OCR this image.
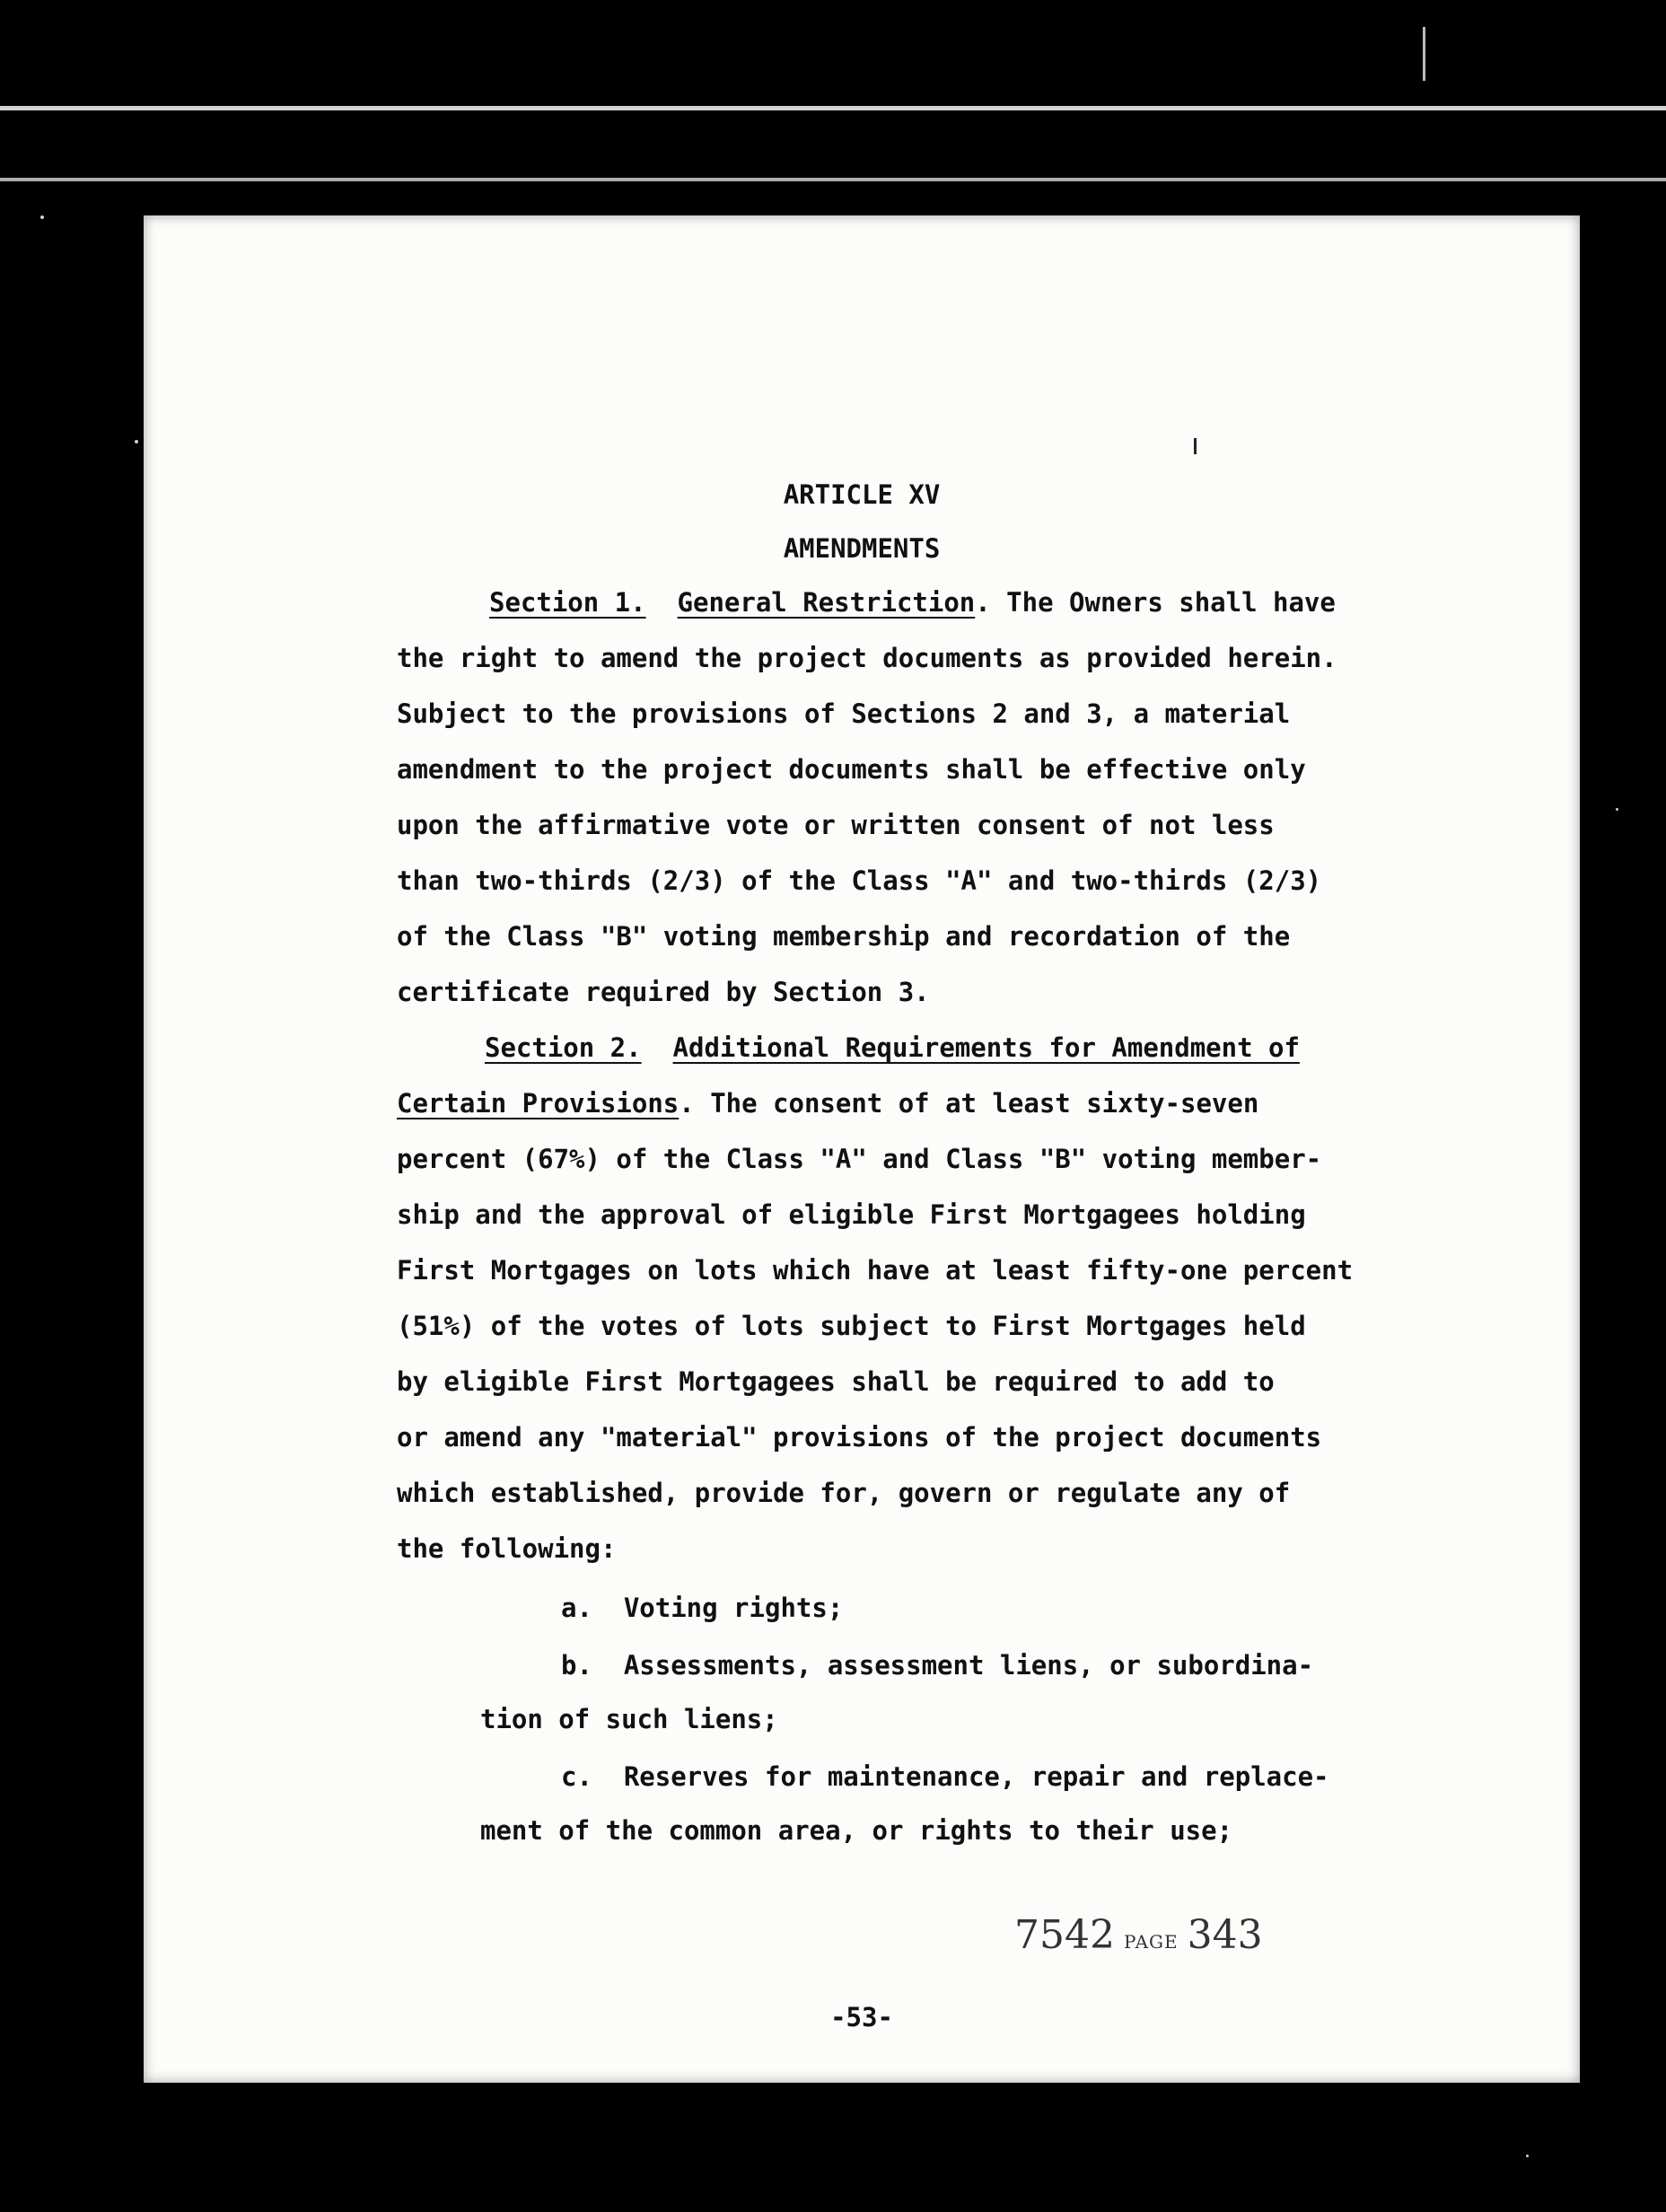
ARTICLE XV
AMENDMENTS
Section 1. General Restriction. The Owners shall have
the right to amend the project documents as provided herein.
Subject to the provisions of Sections 2 and 3, a material
amendment to the project documents shall be effective only
upon the affirmative vote or written consent of not less
than two-thirds (2/3) of the Class "A" and two-thirds (2/3)
of the Class "B" voting membership and recordation of the
certificate required by Section 3.
Section 2. Additional Requirements for Amendment of
Certain Provisions. The consent of at least sixty-seven
percent (67%) of the Class "A" and Class "B" voting member-
ship and the approval of eligible First Mortgagees holding
First Mortgages on lots which have at least fifty-one percent
(51%) of the votes of lots subject to First Mortgages held
by eligible First Mortgagees shall be required to add to
or amend any "material" provisions of the project documents
which established, provide for, govern or regulate any of
the following:
a. Voting rights;
b. Assessments, assessment liens, or subordina-
tion of such liens;
c. Reserves for maintenance, repair and replace-
ment of the common area, or rights to their use;
7542 PAGE 343
-53-
